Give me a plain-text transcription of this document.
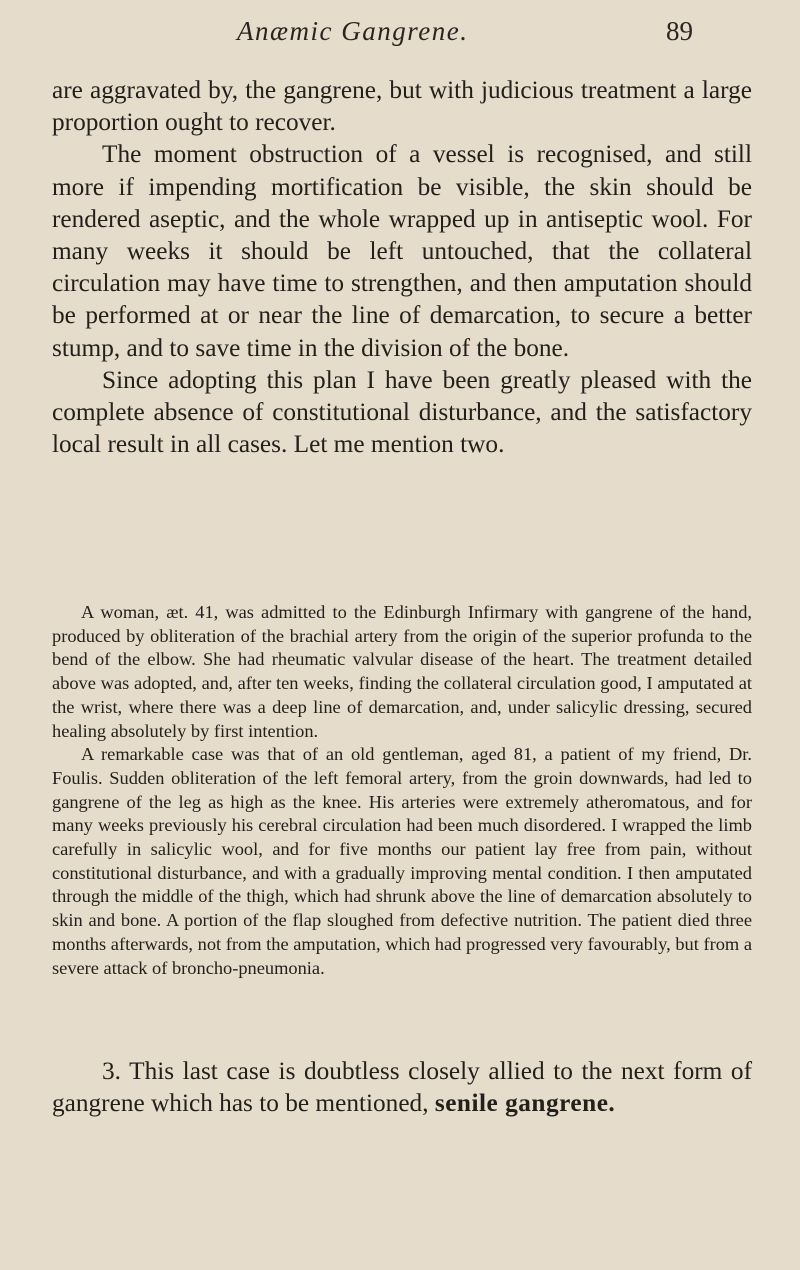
Anæmic Gangrene.	89

are aggravated by, the gangrene, but with judicious treatment a large proportion ought to recover.

The moment obstruction of a vessel is recognised, and still more if impending mortification be visible, the skin should be rendered aseptic, and the whole wrapped up in antiseptic wool. For many weeks it should be left untouched, that the collateral circulation may have time to strengthen, and then amputation should be performed at or near the line of demarcation, to secure a better stump, and to save time in the division of the bone.

Since adopting this plan I have been greatly pleased with the complete absence of constitutional disturbance, and the satisfactory local result in all cases. Let me mention two.

A woman, æt. 41, was admitted to the Edinburgh Infirmary with gangrene of the hand, produced by obliteration of the brachial artery from the origin of the superior profunda to the bend of the elbow. She had rheumatic valvular disease of the heart. The treatment detailed above was adopted, and, after ten weeks, finding the collateral circulation good, I amputated at the wrist, where there was a deep line of demarcation, and, under salicylic dressing, secured healing absolutely by first intention.

A remarkable case was that of an old gentleman, aged 81, a patient of my friend, Dr. Foulis. Sudden obliteration of the left femoral artery, from the groin downwards, had led to gangrene of the leg as high as the knee. His arteries were extremely atheromatous, and for many weeks previously his cerebral circulation had been much disordered. I wrapped the limb carefully in salicylic wool, and for five months our patient lay free from pain, without constitutional disturbance, and with a gradually improving mental condition. I then amputated through the middle of the thigh, which had shrunk above the line of demarcation absolutely to skin and bone. A portion of the flap sloughed from defective nutrition. The patient died three months afterwards, not from the amputation, which had progressed very favourably, but from a severe attack of broncho-pneumonia.

3. This last case is doubtless closely allied to the next form of gangrene which has to be mentioned, senile gangrene.
